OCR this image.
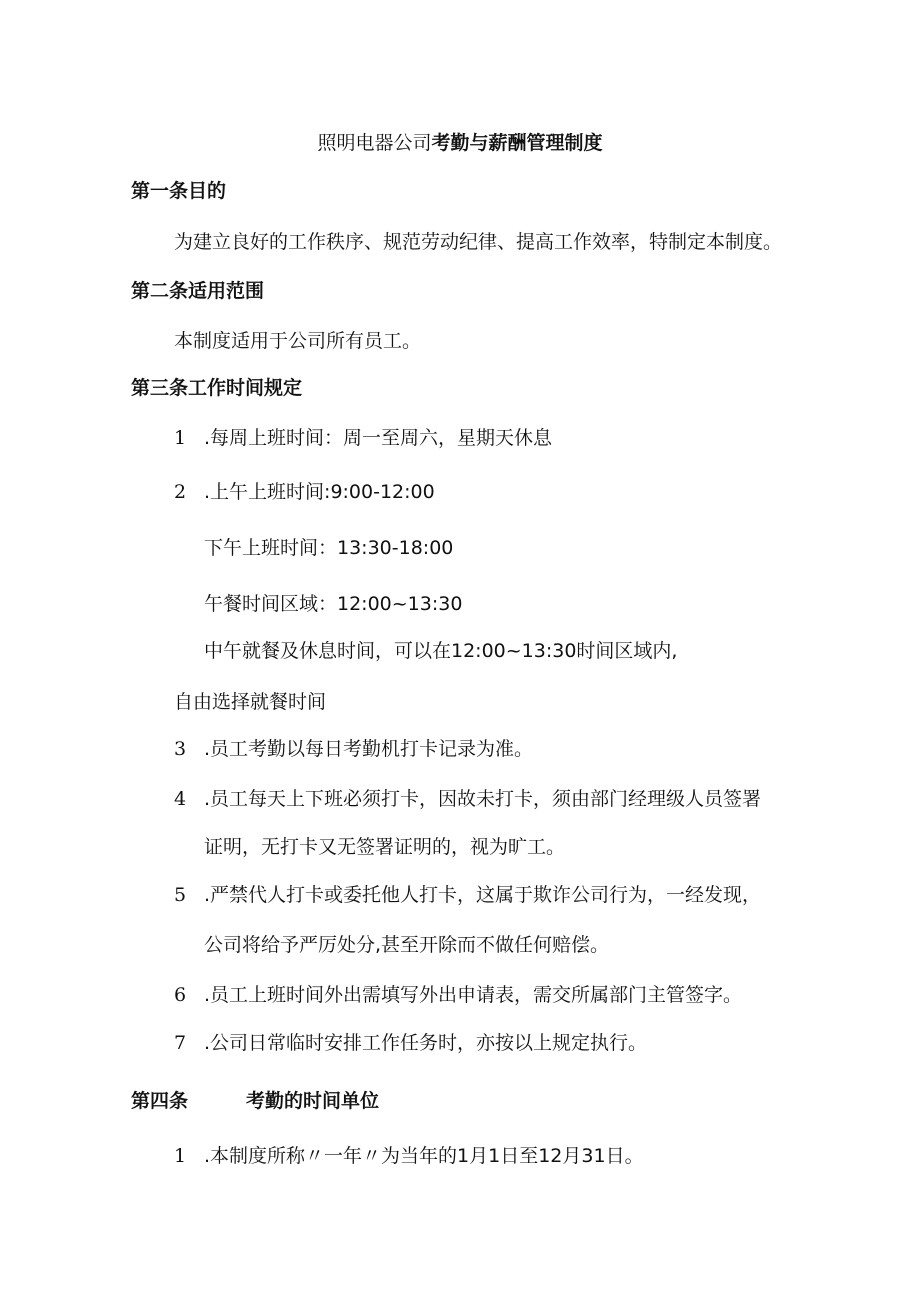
照明电器公司考勤与薪酬管理制度
第一条目的
为建立良好的工作秩序、规范劳动纪律、提高工作效率，特制定本制度。
第二条适用范围
本制度适用于公司所有员工。
第三条工作时间规定
1 .每周上班时间：周一至周六，星期天休息
2 .上午上班时间:9:00-12:00
下午上班时间：13:30-18:00
午餐时间区域：12:00~13:30
中午就餐及休息时间，可以在12:00~13:30时间区域内,
自由选择就餐时间
3 .员工考勤以每日考勤机打卡记录为准。
4 .员工每天上下班必须打卡，因故未打卡，须由部门经理级人员签署
证明，无打卡又无签署证明的，视为旷工。
5 .严禁代人打卡或委托他人打卡，这属于欺诈公司行为，一经发现，
公司将给予严厉处分,甚至开除而不做任何赔偿。
6 .员工上班时间外出需填写外出申请表，需交所属部门主管签字。
7 .公司日常临时安排工作任务时，亦按以上规定执行。
第四条	考勤的时间单位
1 .本制度所称〃一年〃为当年的1月1日至12月31日。
